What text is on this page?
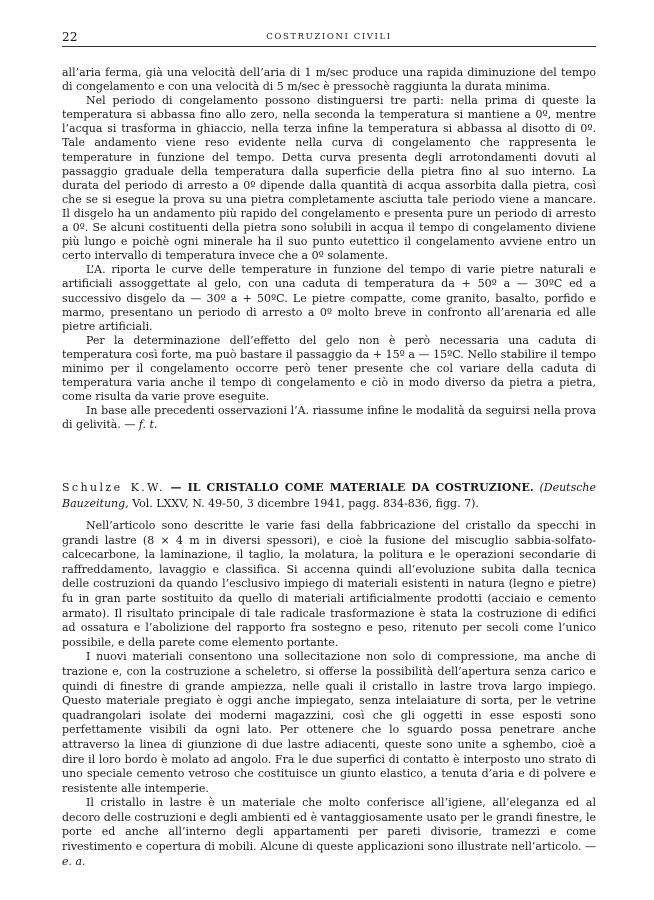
22	COSTRUZIONI CIVILI

all’aria ferma, già una velocità dell’aria di 1 m/sec produce una rapida diminuzione del tempo di congelamento e con una velocità di 5 m/sec è pressochè raggiunta la durata minima.

Nel periodo di congelamento possono distinguersi tre parti: nella prima di queste la temperatura si abbassa fino allo zero, nella seconda la temperatura si mantiene a 0º, mentre l’acqua si trasforma in ghiaccio, nella terza infine la temperatura si abbassa al disotto di 0º. Tale andamento viene reso evidente nella curva di congelamento che rappresenta le temperature in funzione del tempo. Detta curva presenta degli arrotondamenti dovuti al passaggio graduale della temperatura dalla superficie della pietra fino al suo interno. La durata del periodo di arresto a 0º dipende dalla quantità di acqua assorbita dalla pietra, così che se si esegue la prova su una pietra completamente asciutta tale periodo viene a mancare. Il disgelo ha un andamento più rapido del congelamento e presenta pure un periodo di arresto a 0º. Se alcuni costituenti della pietra sono solubili in acqua il tempo di congelamento diviene più lungo e poichè ogni minerale ha il suo punto eutettico il congelamento avviene entro un certo intervallo di temperatura invece che a 0º solamente.

L’A. riporta le curve delle temperature in funzione del tempo di varie pietre naturali e artificiali assoggettate al gelo, con una caduta di temperatura da + 50º a — 30ºC ed a successivo disgelo da — 30º a + 50ºC. Le pietre compatte, come granito, basalto, porfido e marmo, presentano un periodo di arresto a 0º molto breve in confronto all’arenaria ed alle pietre artificiali.

Per la determinazione dell’effetto del gelo non è però necessaria una caduta di temperatura così forte, ma può bastare il passaggio da + 15º a — 15ºC. Nello stabilire il tempo minimo per il congelamento occorre però tener presente che col variare della caduta di temperatura varia anche il tempo di congelamento e ciò in modo diverso da pietra a pietra, come risulta da varie prove eseguite.

In base alle precedenti osservazioni l’A. riassume infine le modalità da seguirsi nella prova di gelività. — f. t.

Schulze K.W. — IL CRISTALLO COME MATERIALE DA COSTRUZIONE. (Deutsche Bauzeitung, Vol. LXXV, N. 49-50, 3 dicembre 1941, pagg. 834-836, figg. 7).

Nell’articolo sono descritte le varie fasi della fabbricazione del cristallo da specchi in grandi lastre (8 × 4 m in diversi spessori), e cioè la fusione del miscuglio sabbia-solfato-calcecarbone, la laminazione, il taglio, la molatura, la politura e le operazioni secondarie di raffreddamento, lavaggio e classifica. Si accenna quindi all’evoluzione subita dalla tecnica delle costruzioni da quando l’esclusivo impiego di materiali esistenti in natura (legno e pietre) fu in gran parte sostituito da quello di materiali artificialmente prodotti (acciaio e cemento armato). Il risultato principale di tale radicale trasformazione è stata la costruzione di edifici ad ossatura e l’abolizione del rapporto fra sostegno e peso, ritenuto per secoli come l’unico possibile, e della parete come elemento portante.

I nuovi materiali consentono una sollecitazione non solo di compressione, ma anche di trazione e, con la costruzione a scheletro, si offerse la possibilità dell’apertura senza carico e quindi di finestre di grande ampiezza, nelle quali il cristallo in lastre trova largo impiego. Questo materiale pregiato è oggi anche impiegato, senza intelaiature di sorta, per le vetrine quadrangolari isolate dei moderni magazzini, così che gli oggetti in esse esposti sono perfettamente visibili da ogni lato. Per ottenere che lo sguardo possa penetrare anche attraverso la linea di giunzione di due lastre adiacenti, queste sono unite a sghembo, cioè a dire il loro bordo è molato ad angolo. Fra le due superfici di contatto è interposto uno strato di uno speciale cemento vetroso che costituisce un giunto elastico, a tenuta d’aria e di polvere e resistente alle intemperie.

Il cristallo in lastre è un materiale che molto conferisce all’igiene, all’eleganza ed al decoro delle costruzioni e degli ambienti ed è vantaggiosamente usato per le grandi finestre, le porte ed anche all’interno degli appartamenti per pareti divisorie, tramezzi e come rivestimento e copertura di mobili. Alcune di queste applicazioni sono illustrate nell’articolo. — e. a.
